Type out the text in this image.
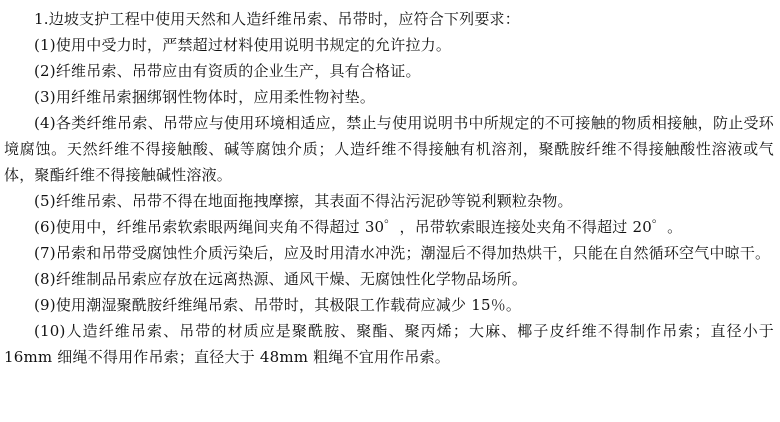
1.边坡支护工程中使用天然和人造纤维吊索、吊带时，应符合下列要求：

(1)使用中受力时，严禁超过材料使用说明书规定的允许拉力。

(2)纤维吊索、吊带应由有资质的企业生产，具有合格证。

(3)用纤维吊索捆绑钢性物体时，应用柔性物衬垫。

(4)各类纤维吊索、吊带应与使用环境相适应，禁止与使用说明书中所规定的不可接触的物质相接触，防止受环境腐蚀。天然纤维不得接触酸、碱等腐蚀介质；人造纤维不得接触有机溶剂，聚酰胺纤维不得接触酸性溶液或气体，聚酯纤维不得接触碱性溶液。

(5)纤维吊索、吊带不得在地面拖拽摩擦，其表面不得沾污泥砂等锐利颗粒杂物。

(6)使用中，纤维吊索软索眼两绳间夹角不得超过 30゜，吊带软索眼连接处夹角不得超过 20゜。

(7)吊索和吊带受腐蚀性介质污染后，应及时用清水冲洗；潮湿后不得加热烘干，只能在自然循环空气中晾干。

(8)纤维制品吊索应存放在远离热源、通风干燥、无腐蚀性化学物品场所。

(9)使用潮湿聚酰胺纤维绳吊索、吊带时，其极限工作载荷应减少 15％。

(10)人造纤维吊索、吊带的材质应是聚酰胺、聚酯、聚丙烯；大麻、椰子皮纤维不得制作吊索；直径小于 16mm 细绳不得用作吊索；直径大于 48mm 粗绳不宜用作吊索。
